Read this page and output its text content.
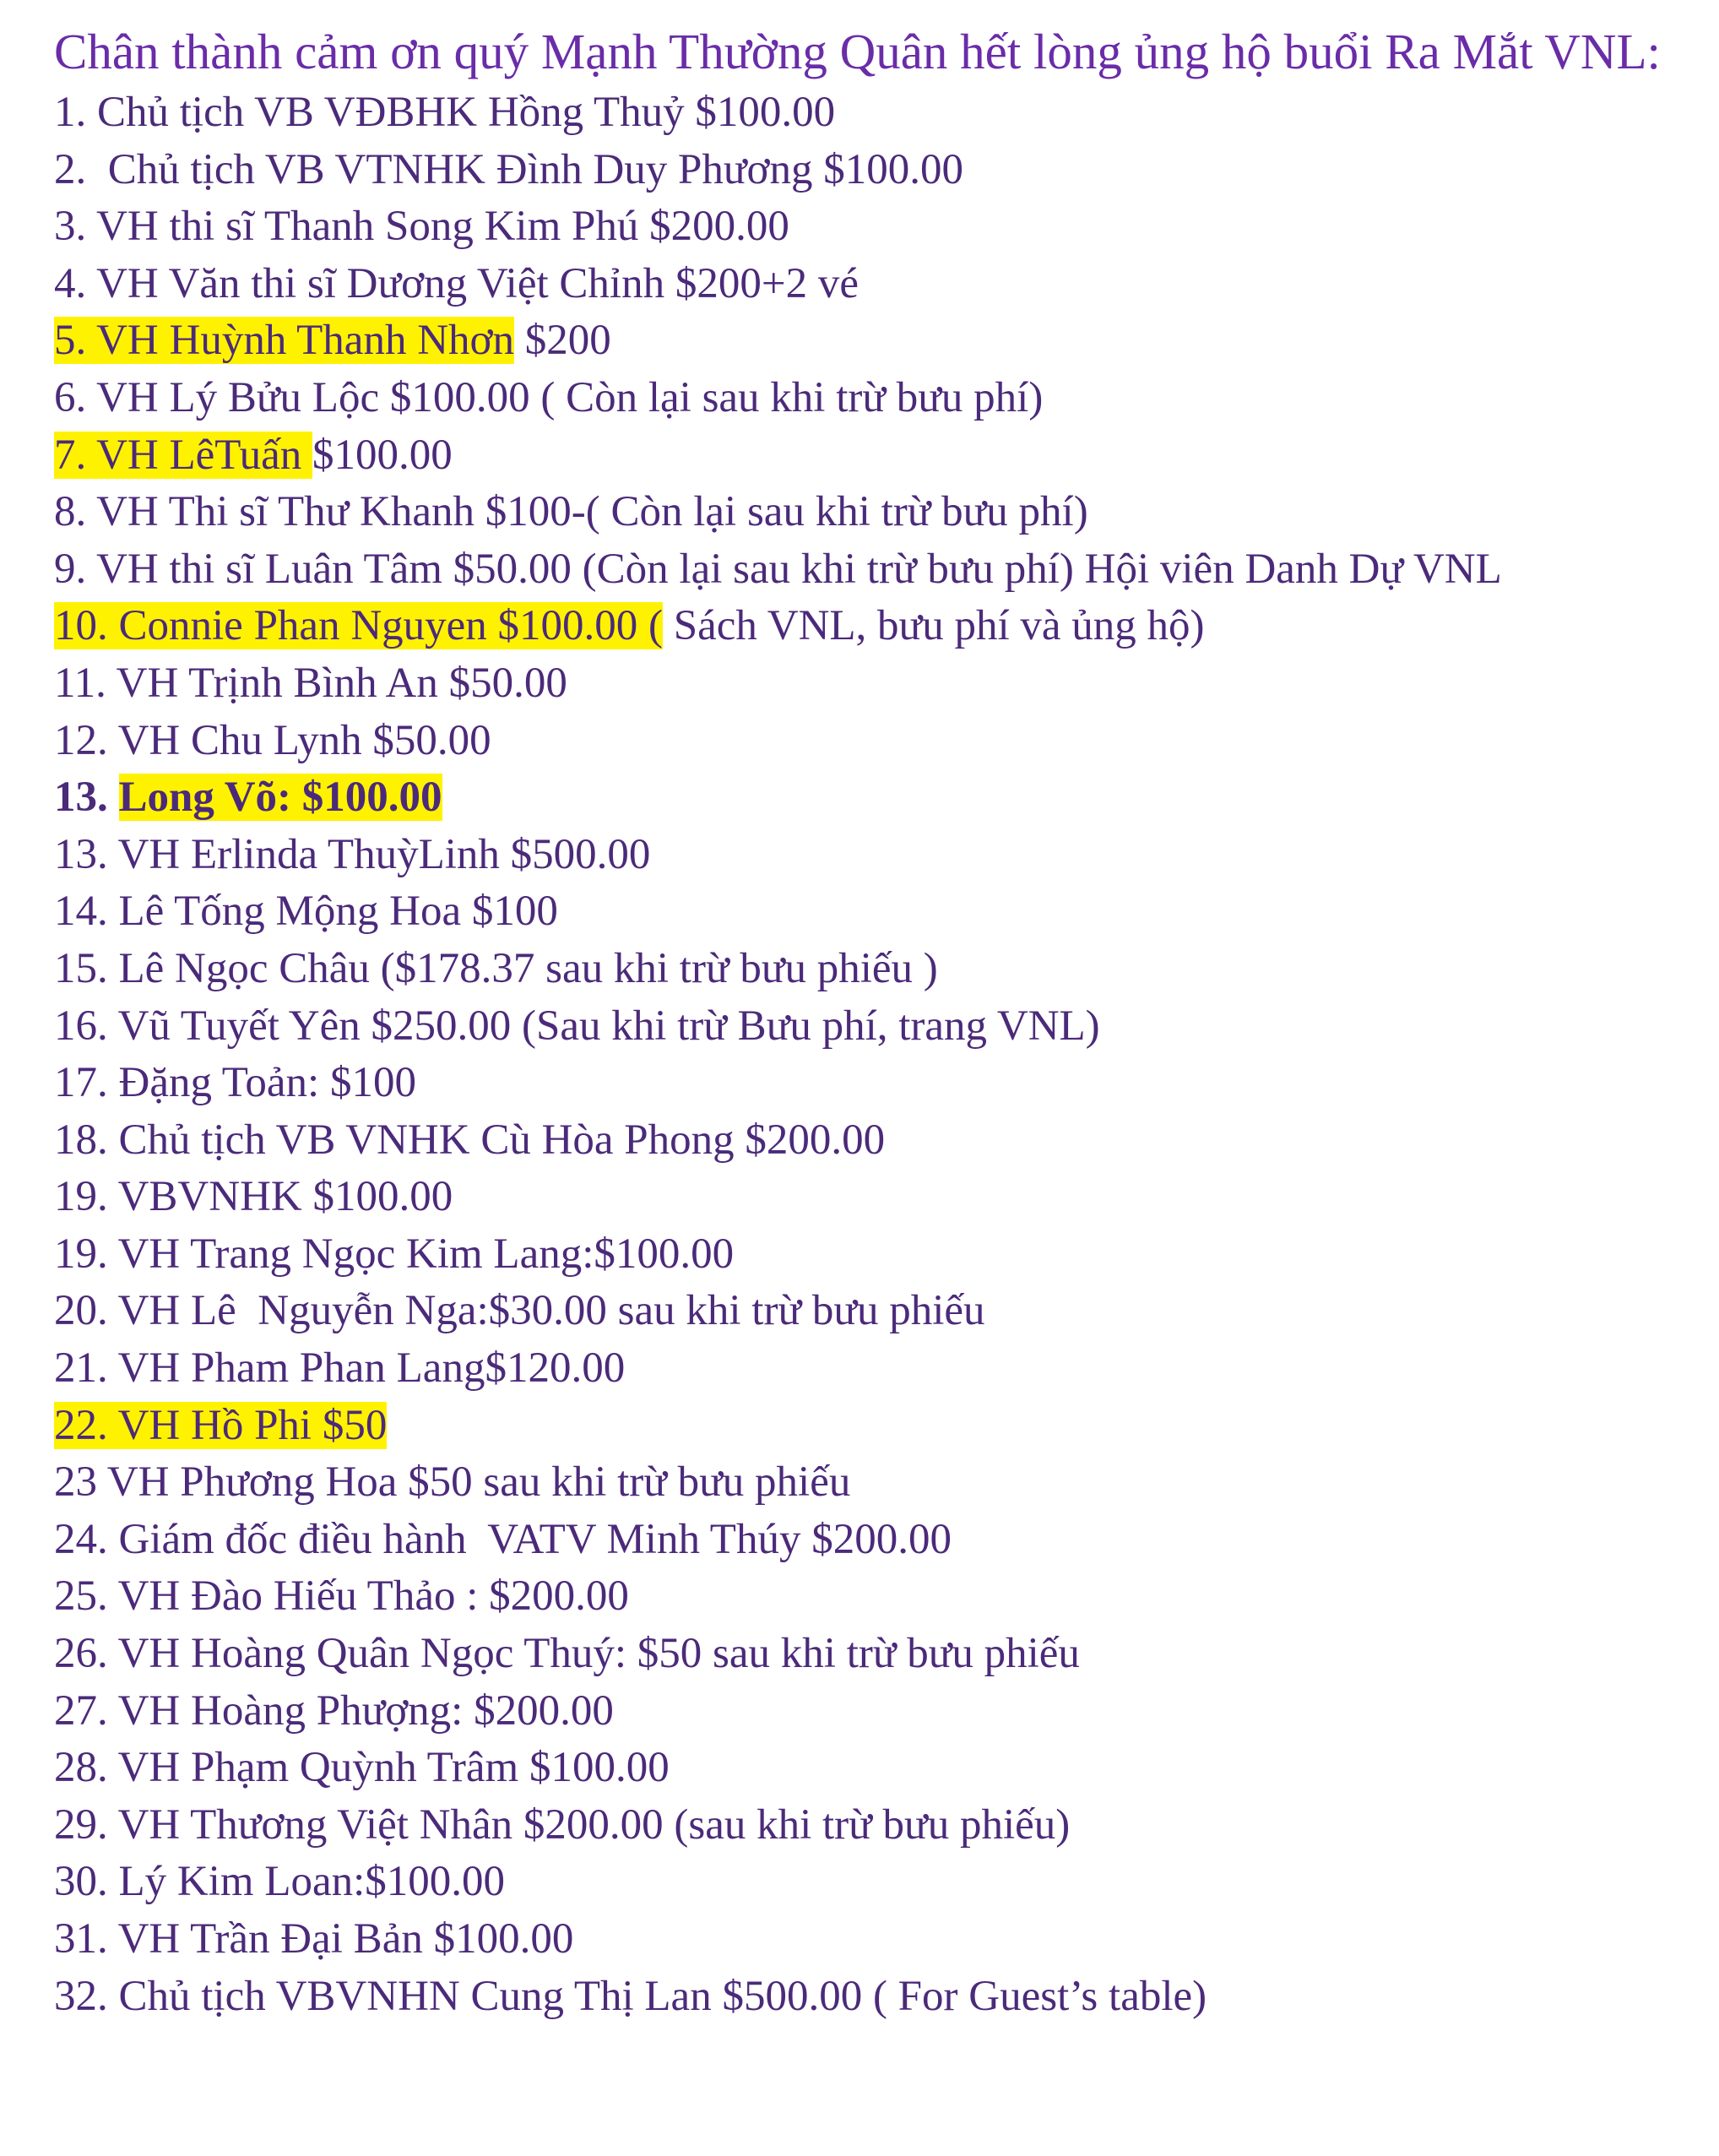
Chân thành cảm ơn quý Mạnh Thường Quân hết lòng ủng hộ buổi Ra Mắt VNL:
1. Chủ tịch VB VĐBHK Hồng Thuỷ $100.00
2.  Chủ tịch VB VTNHK Đình Duy Phương $100.00
3. VH thi sĩ Thanh Song Kim Phú $200.00
4. VH Văn thi sĩ Dương Việt Chỉnh $200+2 vé
5. VH Huỳnh Thanh Nhơn $200
6. VH Lý Bửu Lộc $100.00 ( Còn lại sau khi trừ bưu phí)
7. VH LêTuấn $100.00
8. VH Thi sĩ Thư Khanh $100-( Còn lại sau khi trừ bưu phí)
9. VH thi sĩ Luân Tâm $50.00 (Còn lại sau khi trừ bưu phí) Hội viên Danh Dự VNL
10. Connie Phan Nguyen $100.00 ( Sách VNL, bưu phí và ủng hộ)
11. VH Trịnh Bình An $50.00
12. VH Chu Lynh $50.00
13. Long Võ: $100.00
13. VH Erlinda ThuỳLinh $500.00
14. Lê Tống Mộng Hoa $100
15. Lê Ngọc Châu ($178.37 sau khi trừ bưu phiếu )
16. Vũ Tuyết Yên $250.00 (Sau khi trừ Bưu phí, trang VNL)
17. Đặng Toản: $100
18. Chủ tịch VB VNHK Cù Hòa Phong $200.00
19. VBVNHK $100.00
19. VH Trang Ngọc Kim Lang:$100.00
20. VH Lê  Nguyễn Nga:$30.00 sau khi trừ bưu phiếu
21. VH Pham Phan Lang$120.00
22. VH Hồ Phi $50
23 VH Phương Hoa $50 sau khi trừ bưu phiếu
24. Giám đốc điều hành  VATV Minh Thúy $200.00
25. VH Đào Hiếu Thảo : $200.00
26. VH Hoàng Quân Ngọc Thuý: $50 sau khi trừ bưu phiếu
27. VH Hoàng Phượng: $200.00
28. VH Phạm Quỳnh Trâm $100.00
29. VH Thương Việt Nhân $200.00 (sau khi trừ bưu phiếu)
30. Lý Kim Loan:$100.00
31. VH Trần Đại Bản $100.00
32. Chủ tịch VBVNHN Cung Thị Lan $500.00 ( For Guest’s table)
